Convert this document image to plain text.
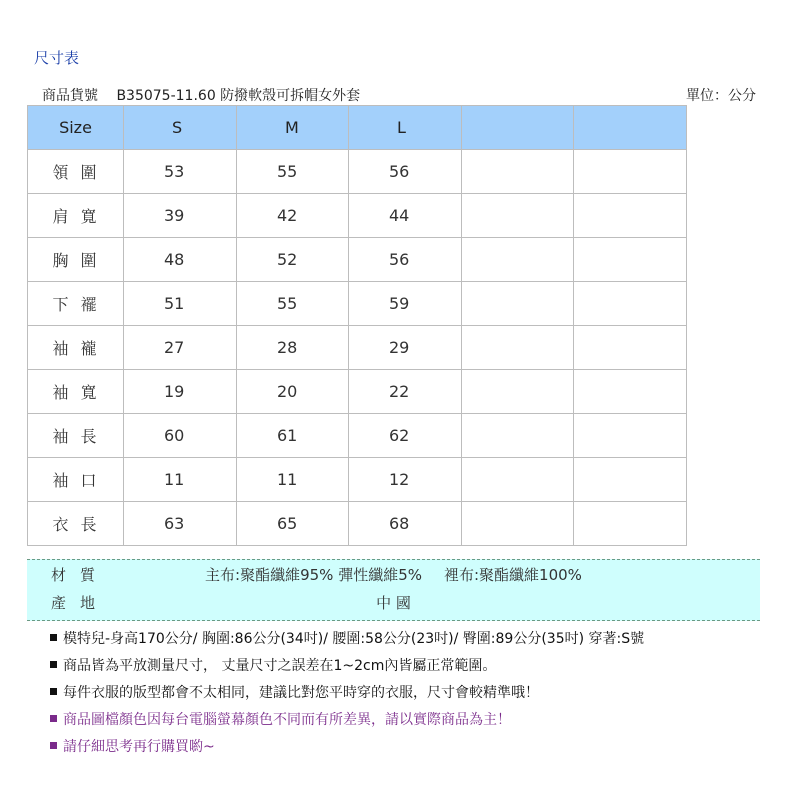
尺寸表
商品貨號 B35075-11.60 防撥軟殼可拆帽女外套	單位：公分
Size	S	M	L		
領圍	53	55	56		
肩寬	39	42	44		
胸圍	48	52	56		
下襬	51	55	59		
袖襱	27	28	29		
袖寬	19	20	22		
袖長	60	61	62		
袖口	11	11	12		
衣長	63	65	68		
材質	主布:聚酯纖維95% 彈性纖維5% 裡布:聚酯纖維100%
產地	中 國
模特兒-身高170公分/ 胸圍:86公分(34吋)/ 腰圍:58公分(23吋)/ 臀圍:89公分(35吋) 穿著:S號
商品皆為平放測量尺寸， 丈量尺寸之誤差在1~2cm內皆屬正常範圍。
每件衣服的版型都會不太相同，建議比對您平時穿的衣服，尺寸會較精準哦！
商品圖檔顏色因每台電腦螢幕顏色不同而有所差異，請以實際商品為主！
請仔細思考再行購買喲~
